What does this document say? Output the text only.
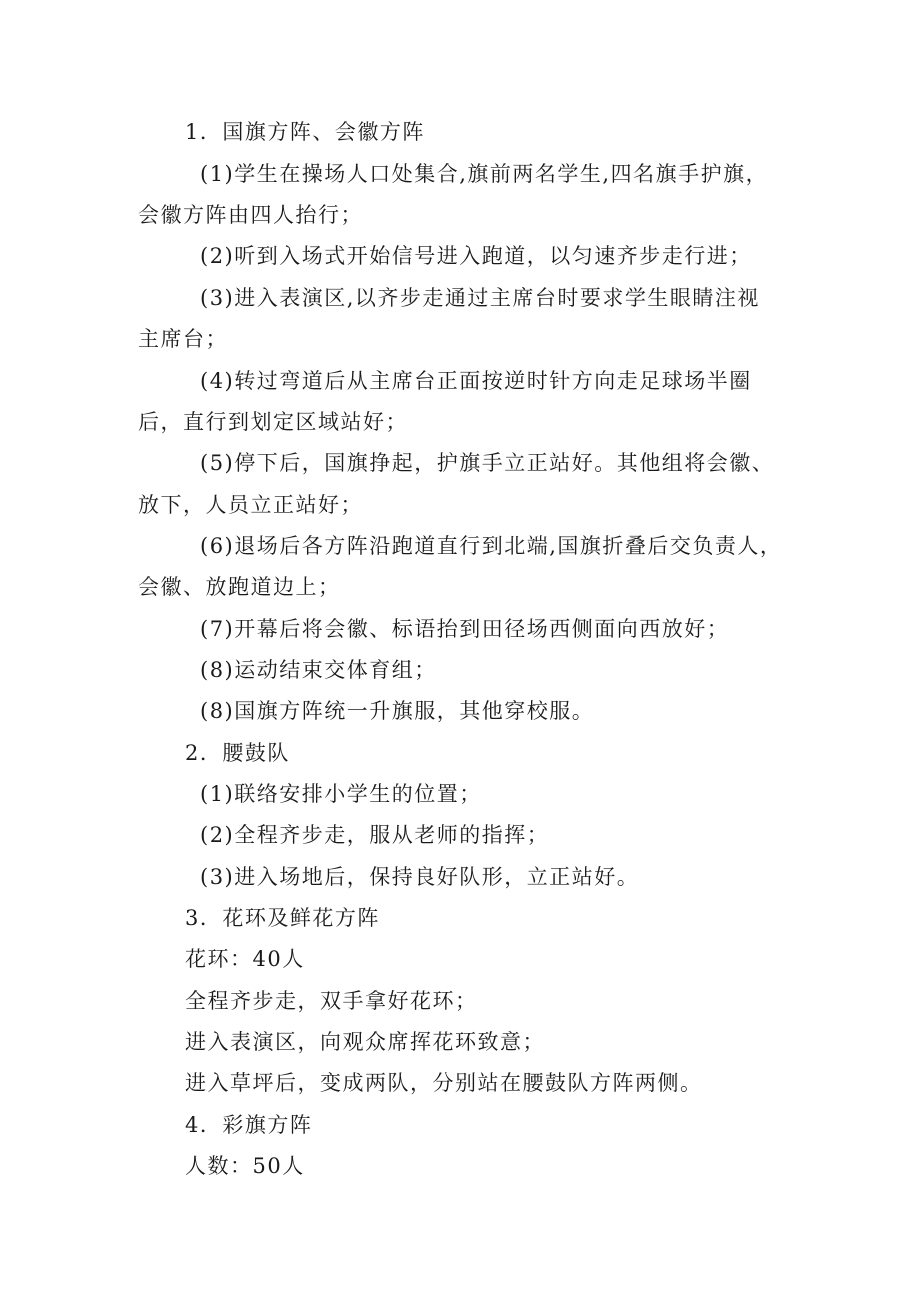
1．国旗方阵、会徽方阵
(1)学生在操场人口处集合,旗前两名学生,四名旗手护旗，
会徽方阵由四人抬行；
(2)听到入场式开始信号进入跑道，以匀速齐步走行进；
(3)进入表演区,以齐步走通过主席台时要求学生眼睛注视
主席台；
(4)转过弯道后从主席台正面按逆时针方向走足球场半圈
后，直行到划定区域站好；
(5)停下后，国旗挣起，护旗手立正站好。其他组将会徽、
放下，人员立正站好；
(6)退场后各方阵沿跑道直行到北端,国旗折叠后交负责人，
会徽、放跑道边上；
(7)开幕后将会徽、标语抬到田径场西侧面向西放好；
(8)运动结束交体育组；
(8)国旗方阵统一升旗服，其他穿校服。
2．腰鼓队
(1)联络安排小学生的位置；
(2)全程齐步走，服从老师的指挥；
(3)进入场地后，保持良好队形，立正站好。
3．花环及鲜花方阵
花环：40人
全程齐步走，双手拿好花环；
进入表演区，向观众席挥花环致意；
进入草坪后，变成两队，分别站在腰鼓队方阵两侧。
4．彩旗方阵
人数：50人
